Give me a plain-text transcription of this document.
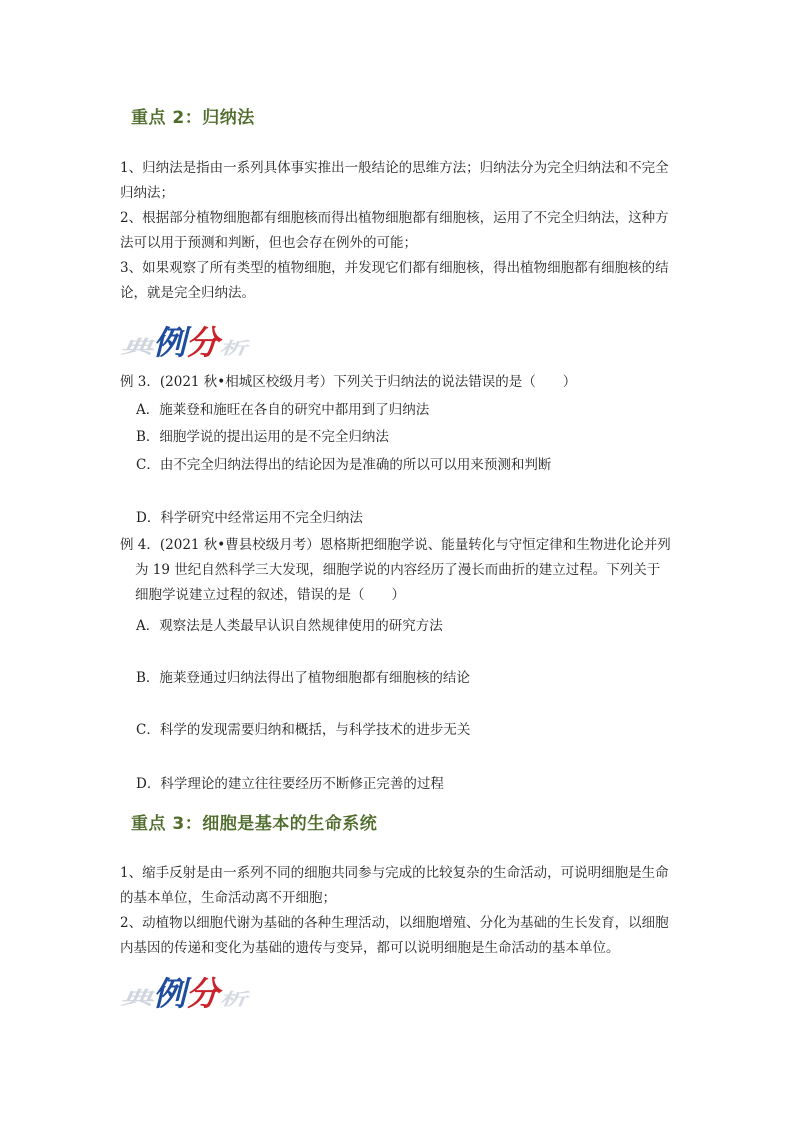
重点 2：归纳法
1、归纳法是指由一系列具体事实推出一般结论的思维方法；归纳法分为完全归纳法和不完全归纳法；
2、根据部分植物细胞都有细胞核而得出植物细胞都有细胞核，运用了不完全归纳法，这种方法可以用于预测和判断，但也会存在例外的可能；
3、如果观察了所有类型的植物细胞，并发现它们都有细胞核，得出植物细胞都有细胞核的结论，就是完全归纳法。
典例分析
例 3．(2021 秋•相城区校级月考）下列关于归纳法的说法错误的是（　　）
A．施莱登和施旺在各自的研究中都用到了归纳法
B．细胞学说的提出运用的是不完全归纳法
C．由不完全归纳法得出的结论因为是准确的所以可以用来预测和判断
D．科学研究中经常运用不完全归纳法
例 4．(2021 秋•曹县校级月考）恩格斯把细胞学说、能量转化与守恒定律和生物进化论并列
为 19 世纪自然科学三大发现，细胞学说的内容经历了漫长而曲折的建立过程。下列关于
细胞学说建立过程的叙述，错误的是（　　）
A．观察法是人类最早认识自然规律使用的研究方法
B．施莱登通过归纳法得出了植物细胞都有细胞核的结论
C．科学的发现需要归纳和概括，与科学技术的进步无关
D．科学理论的建立往往要经历不断修正完善的过程
重点 3：细胞是基本的生命系统
1、缩手反射是由一系列不同的细胞共同参与完成的比较复杂的生命活动，可说明细胞是生命的基本单位，生命活动离不开细胞；
2、动植物以细胞代谢为基础的各种生理活动，以细胞增殖、分化为基础的生长发育，以细胞内基因的传递和变化为基础的遗传与变异，都可以说明细胞是生命活动的基本单位。
典例分析
